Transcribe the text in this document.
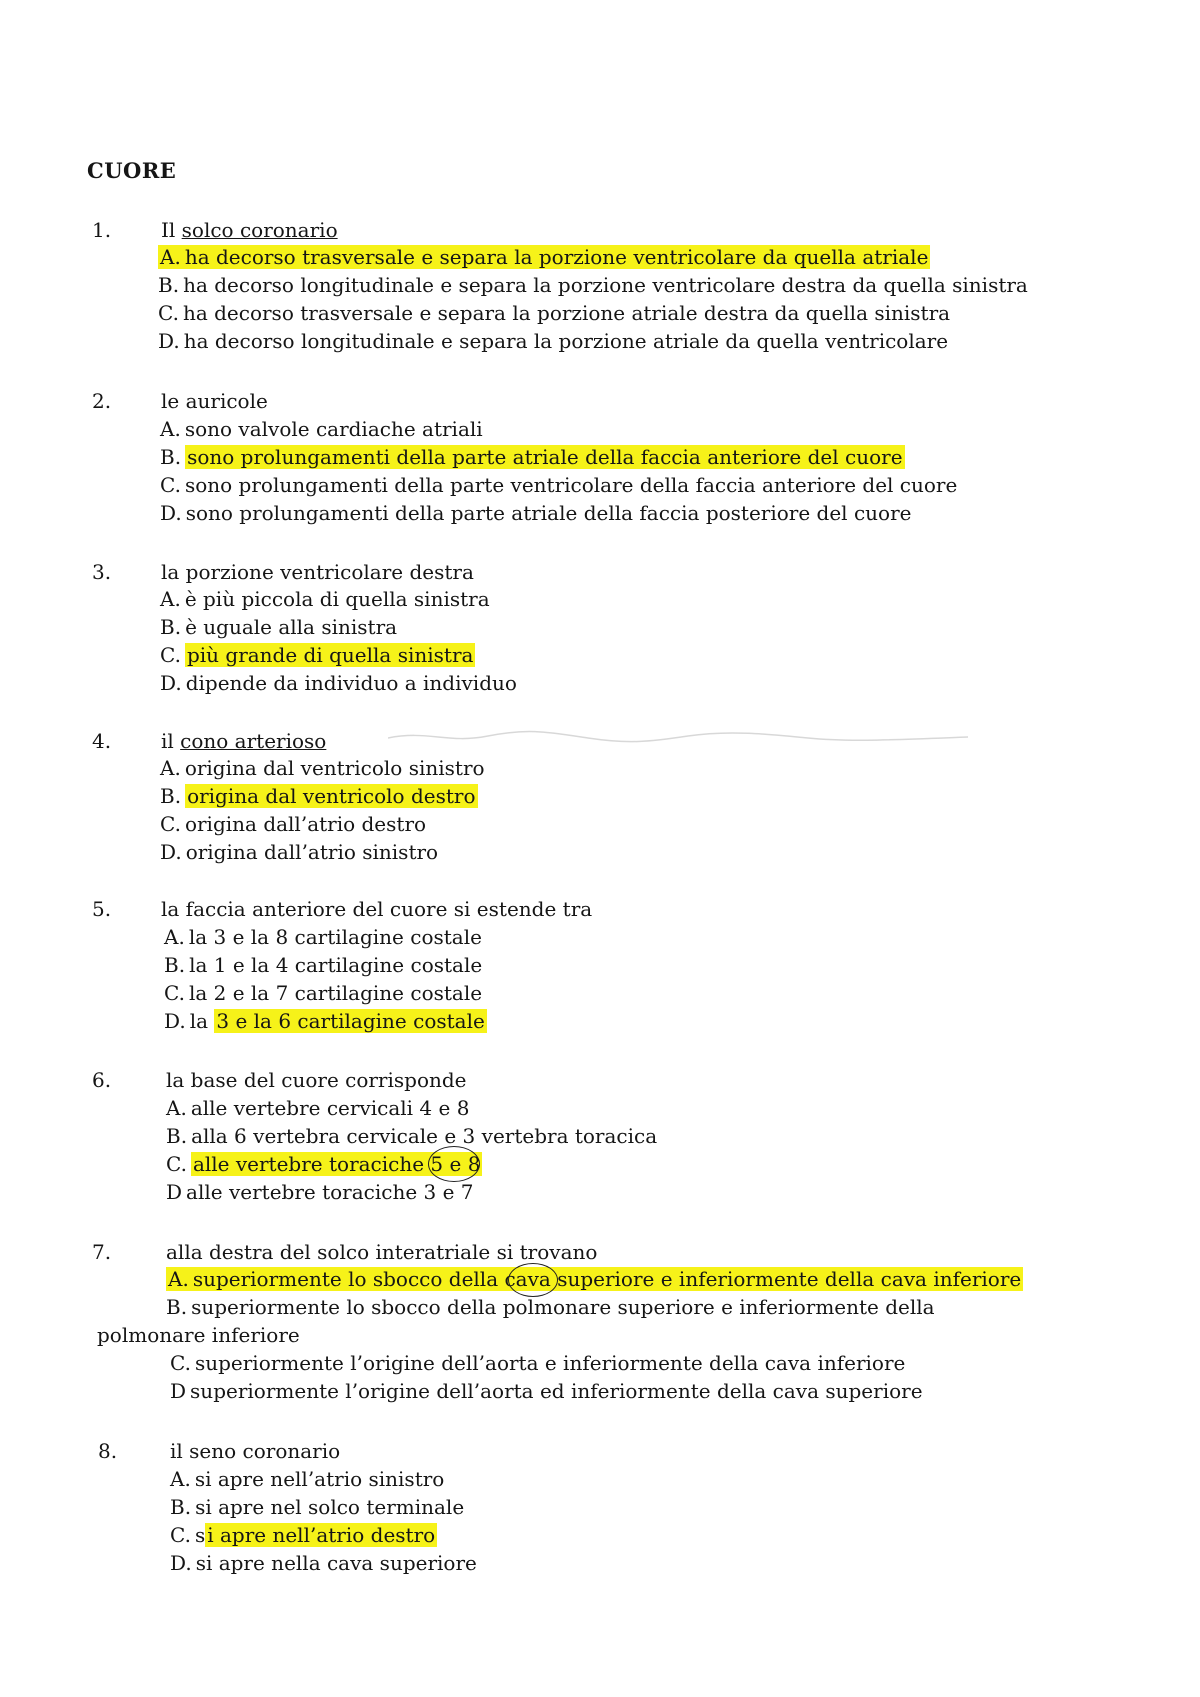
CUORE
1. Il solco coronario
A. ha decorso trasversale e separa la porzione ventricolare da quella atriale
B. ha decorso longitudinale e separa la porzione ventricolare destra da quella sinistra
C. ha decorso trasversale e separa la porzione atriale destra da quella sinistra
D. ha decorso longitudinale e separa la porzione atriale da quella ventricolare
2. le auricole
A. sono valvole cardiache atriali
B. sono prolungamenti della parte atriale della faccia anteriore del cuore
C. sono prolungamenti della parte ventricolare della faccia anteriore del cuore
D. sono prolungamenti della parte atriale della faccia posteriore del cuore
3. la porzione ventricolare destra
A. è più piccola di quella sinistra
B. è uguale alla sinistra
C. più grande di quella sinistra
D. dipende da individuo a individuo
4. il cono arterioso
A. origina dal ventricolo sinistro
B. origina dal ventricolo destro
C. origina dall’atrio destro
D. origina dall’atrio sinistro
5. la faccia anteriore del cuore si estende tra
A. la 3 e la 8 cartilagine costale
B. la 1 e la 4 cartilagine costale
C. la 2 e la 7 cartilagine costale
D. la 3 e la 6 cartilagine costale
6.	la base del cuore corrisponde
A. alle vertebre cervicali 4 e 8
B. alla 6 vertebra cervicale e 3 vertebra toracica
C. alle vertebre toraciche 5 e 8
D alle vertebre toraciche 3 e 7
7.	alla destra del solco interatriale si trovano
A. superiormente lo sbocco della cava superiore e inferiormente della cava inferiore
B. superiormente lo sbocco della polmonare superiore e inferiormente della
polmonare inferiore
C. superiormente l’origine dell’aorta e inferiormente della cava inferiore
D superiormente l’origine dell’aorta ed inferiormente della cava superiore
8.	il seno coronario
A. si apre nell’atrio sinistro
B. si apre nel solco terminale
C. s i apre nell’atrio destro
D. si apre nella cava superiore
